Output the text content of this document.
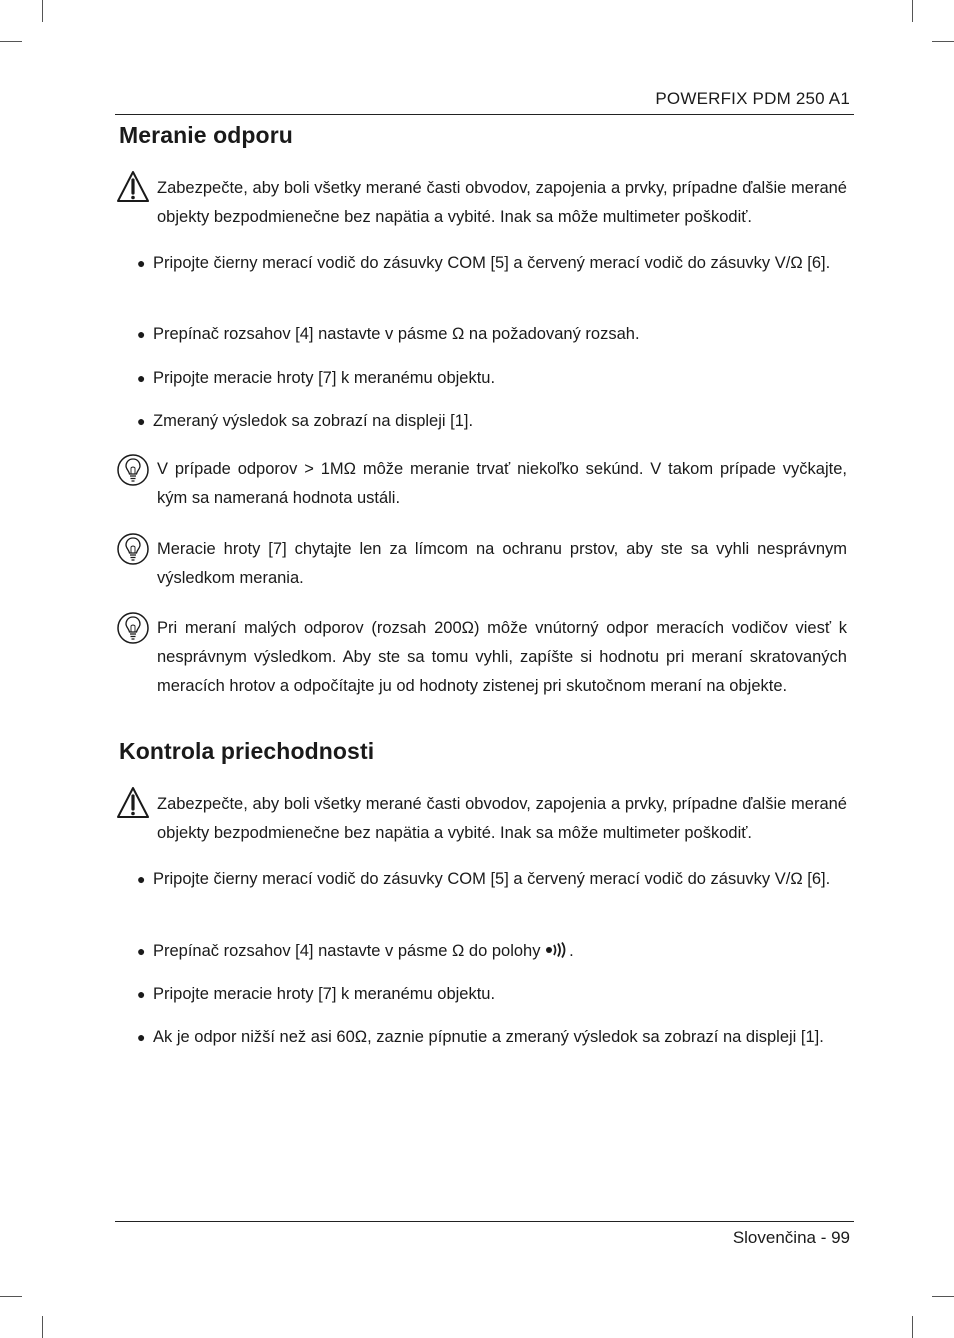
POWERFIX PDM 250 A1
Meranie odporu
Zabezpečte, aby boli všetky merané časti obvodov, zapojenia a prvky, prípadne ďalšie merané objekty bezpodmienečne bez napätia a vybité. Inak sa môže multimeter poškodiť.
● Pripojte čierny merací vodič do zásuvky COM [5] a červený merací vodič do zásuvky V/Ω [6].
● Prepínač rozsahov [4] nastavte v pásme Ω na požadovaný rozsah.
● Pripojte meracie hroty [7] k meranému objektu.
● Zmeraný výsledok sa zobrazí na displeji [1].
V prípade odporov > 1MΩ môže meranie trvať niekoľko sekúnd. V takom prípade vyčkajte, kým sa nameraná hodnota ustáli.
Meracie hroty [7] chytajte len za límcom na ochranu prstov, aby ste sa vyhli nesprávnym výsledkom merania.
Pri meraní malých odporov (rozsah 200Ω) môže vnútorný odpor meracích vodičov viesť k nesprávnym výsledkom. Aby ste sa tomu vyhli, zapíšte si hodnotu pri meraní skratovaných meracích hrotov a odpočítajte ju od hodnoty zistenej pri skutočnom meraní na objekte.
Kontrola priechodnosti
Zabezpečte, aby boli všetky merané časti obvodov, zapojenia a prvky, prípadne ďalšie merané objekty bezpodmienečne bez napätia a vybité. Inak sa môže multimeter poškodiť.
● Pripojte čierny merací vodič do zásuvky COM [5] a červený merací vodič do zásuvky V/Ω [6].
● Prepínač rozsahov [4] nastavte v pásme Ω do polohy .
● Pripojte meracie hroty [7] k meranému objektu.
● Ak je odpor nižší než asi 60Ω, zaznie pípnutie a zmeraný výsledok sa zobrazí na displeji [1].
Slovenčina - 99
